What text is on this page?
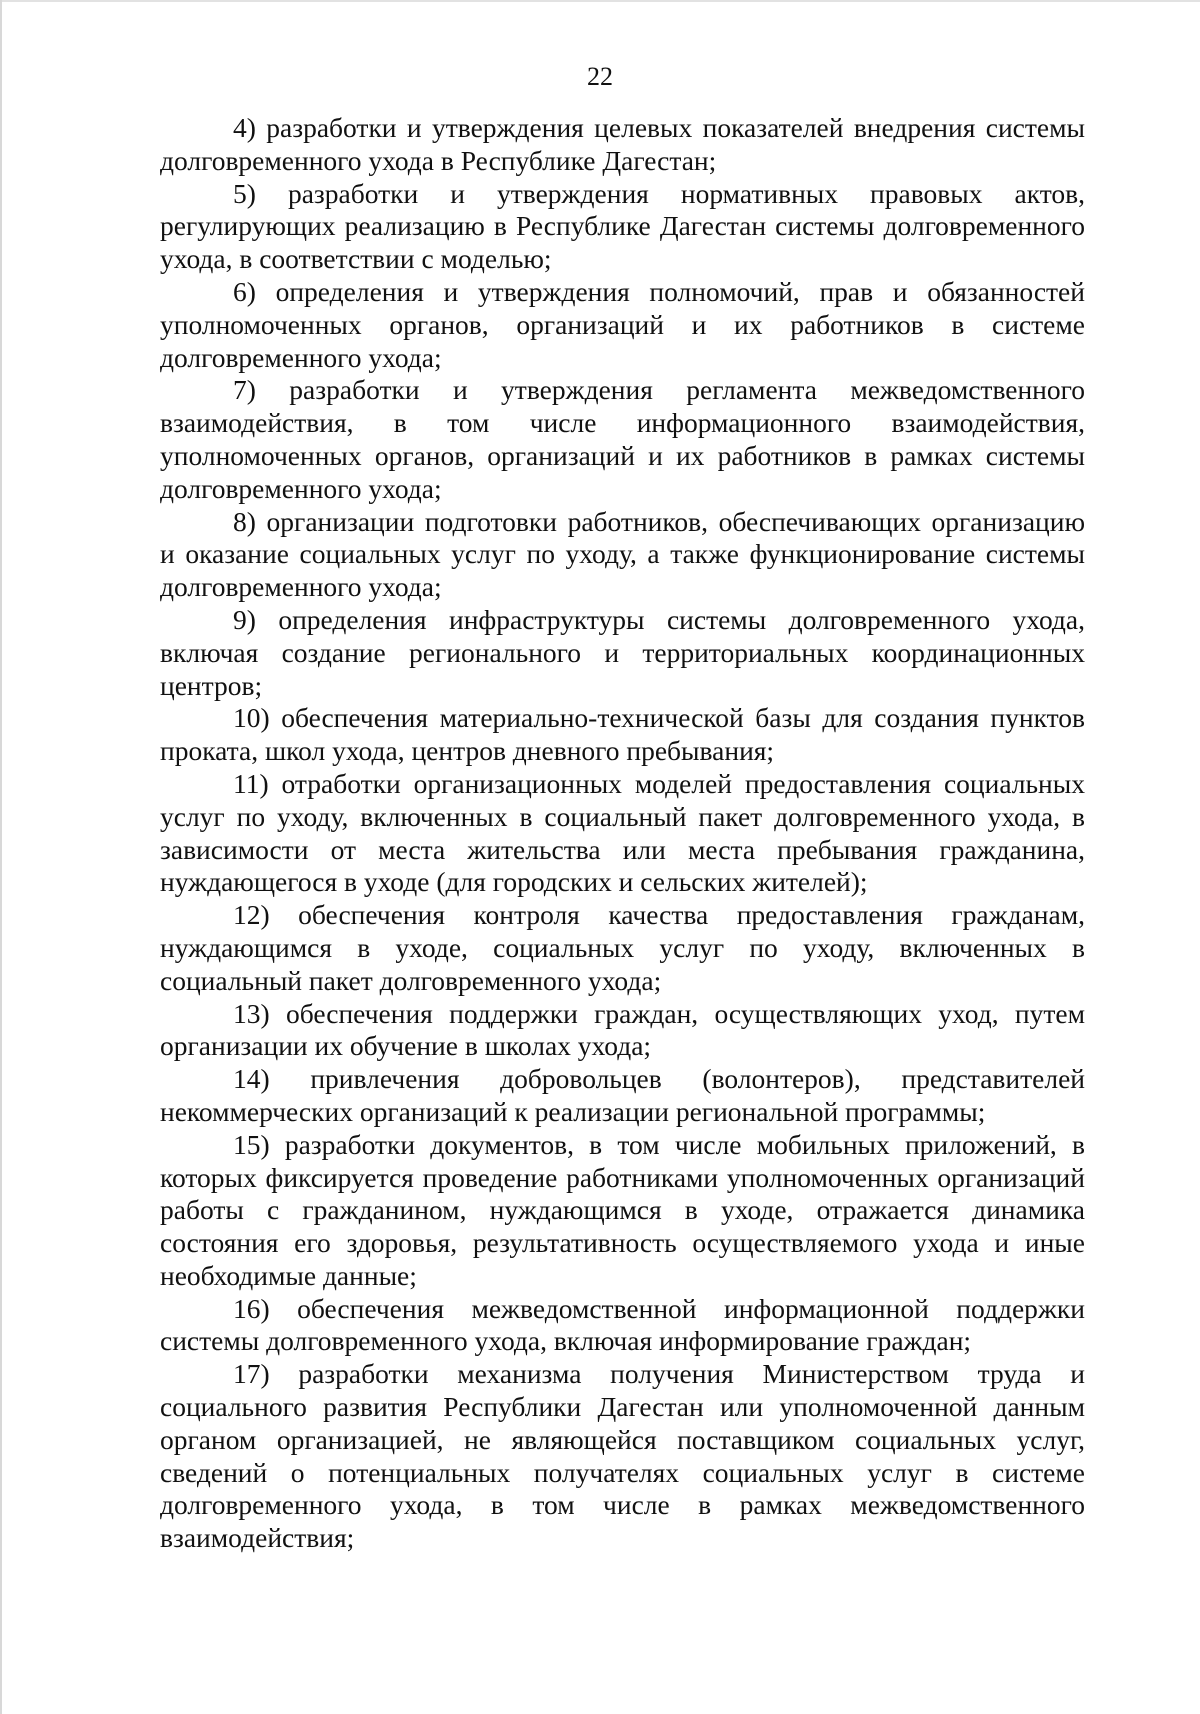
22

4) разработки и утверждения целевых показателей внедрения системы долговременного ухода в Республике Дагестан;

5) разработки и утверждения нормативных правовых актов, регулирующих реализацию в Республике Дагестан системы долговременного ухода, в соответствии с моделью;

6) определения и утверждения полномочий, прав и обязанностей уполномоченных органов, организаций и их работников в системе долговременного ухода;

7) разработки и утверждения регламента межведомственного взаимодействия, в том числе информационного взаимодействия, уполномоченных органов, организаций и их работников в рамках системы долговременного ухода;

8) организации подготовки работников, обеспечивающих организацию и оказание социальных услуг по уходу, а также функционирование системы долговременного ухода;

9) определения инфраструктуры системы долговременного ухода, включая создание регионального и территориальных координационных центров;

10) обеспечения материально-технической базы для создания пунктов проката, школ ухода, центров дневного пребывания;

11) отработки организационных моделей предоставления социальных услуг по уходу, включенных в социальный пакет долговременного ухода, в зависимости от места жительства или места пребывания гражданина, нуждающегося в уходе (для городских и сельских жителей);

12) обеспечения контроля качества предоставления гражданам, нуждающимся в уходе, социальных услуг по уходу, включенных в социальный пакет долговременного ухода;

13) обеспечения поддержки граждан, осуществляющих уход, путем организации их обучение в школах ухода;

14) привлечения добровольцев (волонтеров), представителей некоммерческих организаций к реализации региональной программы;

15) разработки документов, в том числе мобильных приложений, в которых фиксируется проведение работниками уполномоченных организаций работы с гражданином, нуждающимся в уходе, отражается динамика состояния его здоровья, результативность осуществляемого ухода и иные необходимые данные;

16) обеспечения межведомственной информационной поддержки системы долговременного ухода, включая информирование граждан;

17) разработки механизма получения Министерством труда и социального развития Республики Дагестан или уполномоченной данным органом организацией, не являющейся поставщиком социальных услуг, сведений о потенциальных получателях социальных услуг в системе долговременного ухода, в том числе в рамках межведомственного взаимодействия;
